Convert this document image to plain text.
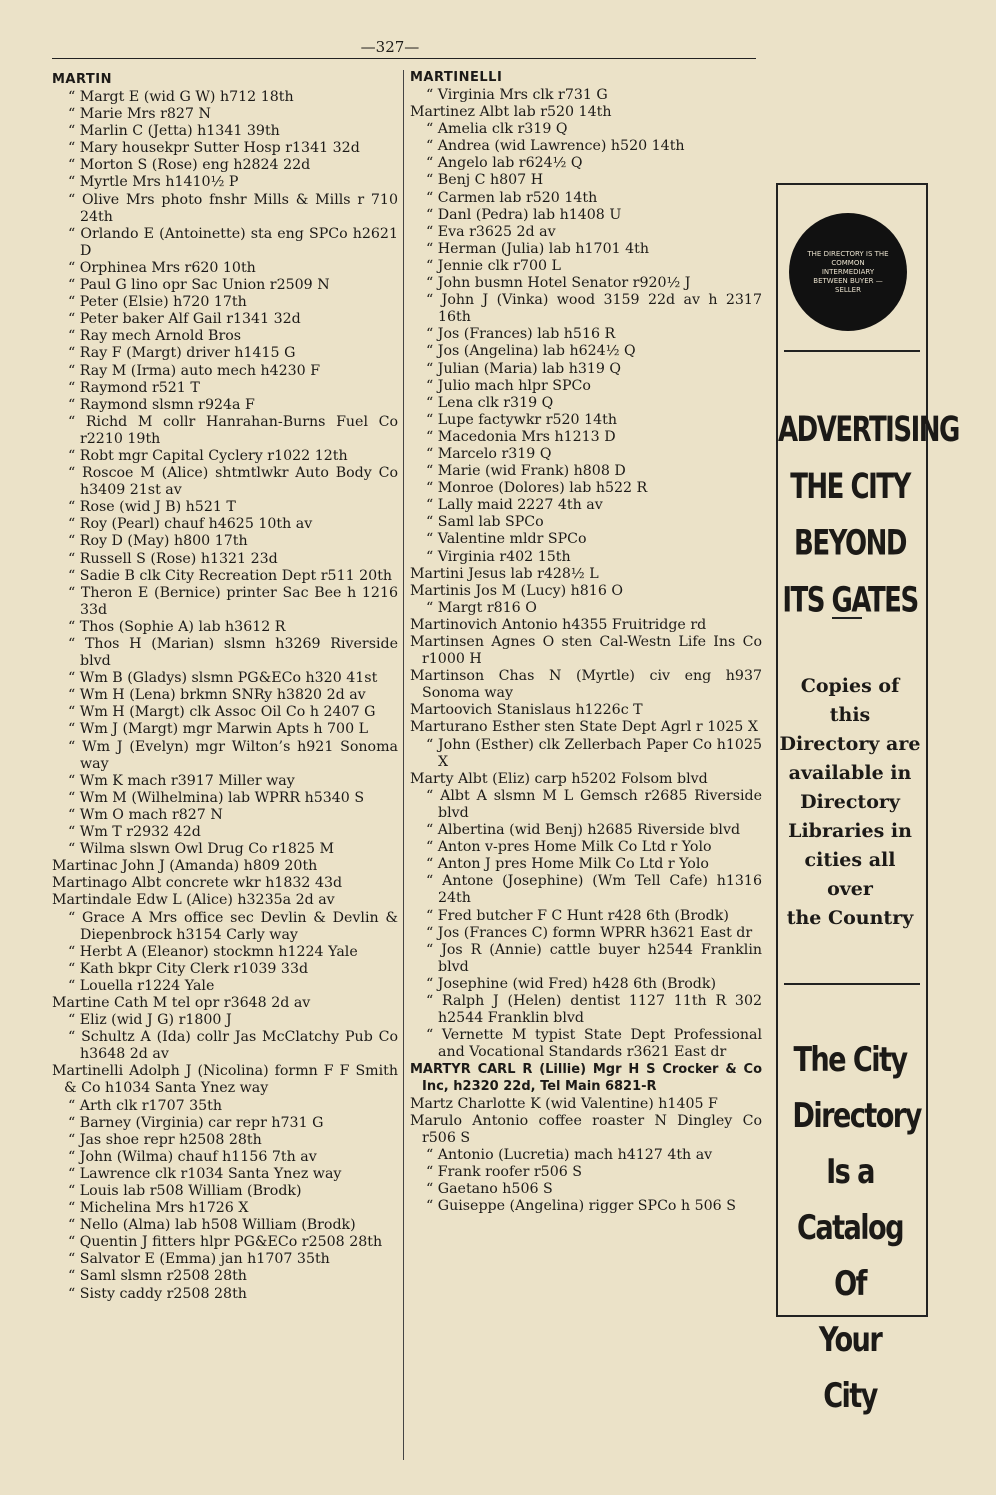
—327—
MARTIN
“ Margt E (wid G W) h712 18th
“ Marie Mrs r827 N
“ Marlin C (Jetta) h1341 39th
“ Mary housekpr Sutter Hosp r1341 32d
“ Morton S (Rose) eng h2824 22d
“ Myrtle Mrs h1410½ P
“ Olive Mrs photo fnshr Mills & Mills r 710 24th
“ Orlando E (Antoinette) sta eng SPCo h2621 D
“ Orphinea Mrs r620 10th
“ Paul G lino opr Sac Union r2509 N
“ Peter (Elsie) h720 17th
“ Peter baker Alf Gail r1341 32d
“ Ray mech Arnold Bros
“ Ray F (Margt) driver h1415 G
“ Ray M (Irma) auto mech h4230 F
“ Raymond r521 T
“ Raymond slsmn r924a F
“ Richd M collr Hanrahan-Burns Fuel Co r2210 19th
“ Robt mgr Capital Cyclery r1022 12th
“ Roscoe M (Alice) shtmtlwkr Auto Body Co h3409 21st av
“ Rose (wid J B) h521 T
“ Roy (Pearl) chauf h4625 10th av
“ Roy D (May) h800 17th
“ Russell S (Rose) h1321 23d
“ Sadie B clk City Recreation Dept r511 20th
“ Theron E (Bernice) printer Sac Bee h 1216 33d
“ Thos (Sophie A) lab h3612 R
“ Thos H (Marian) slsmn h3269 Riverside blvd
“ Wm B (Gladys) slsmn PG&ECo h320 41st
“ Wm H (Lena) brkmn SNRy h3820 2d av
“ Wm H (Margt) clk Assoc Oil Co h 2407 G
“ Wm J (Margt) mgr Marwin Apts h 700 L
“ Wm J (Evelyn) mgr Wilton’s h921 Sonoma way
“ Wm K mach r3917 Miller way
“ Wm M (Wilhelmina) lab WPRR h5340 S
“ Wm O mach r827 N
“ Wm T r2932 42d
“ Wilma slswn Owl Drug Co r1825 M
Martinac John J (Amanda) h809 20th
Martinago Albt concrete wkr h1832 43d
Martindale Edw L (Alice) h3235a 2d av
“ Grace A Mrs office sec Devlin & Devlin & Diepenbrock h3154 Carly way
“ Herbt A (Eleanor) stockmn h1224 Yale
“ Kath bkpr City Clerk r1039 33d
“ Louella r1224 Yale
Martine Cath M tel opr r3648 2d av
“ Eliz (wid J G) r1800 J
“ Schultz A (Ida) collr Jas McClatchy Pub Co h3648 2d av
Martinelli Adolph J (Nicolina) formn F F Smith & Co h1034 Santa Ynez way
“ Arth clk r1707 35th
“ Barney (Virginia) car repr h731 G
“ Jas shoe repr h2508 28th
“ John (Wilma) chauf h1156 7th av
“ Lawrence clk r1034 Santa Ynez way
“ Louis lab r508 William (Brodk)
“ Michelina Mrs h1726 X
“ Nello (Alma) lab h508 William (Brodk)
“ Quentin J fitters hlpr PG&ECo r2508 28th
“ Salvator E (Emma) jan h1707 35th
“ Saml slsmn r2508 28th
“ Sisty caddy r2508 28th
MARTINELLI
“ Virginia Mrs clk r731 G
Martinez Albt lab r520 14th
“ Amelia clk r319 Q
“ Andrea (wid Lawrence) h520 14th
“ Angelo lab r624½ Q
“ Benj C h807 H
“ Carmen lab r520 14th
“ Danl (Pedra) lab h1408 U
“ Eva r3625 2d av
“ Herman (Julia) lab h1701 4th
“ Jennie clk r700 L
“ John busmn Hotel Senator r920½ J
“ John J (Vinka) wood 3159 22d av h 2317 16th
“ Jos (Frances) lab h516 R
“ Jos (Angelina) lab h624½ Q
“ Julian (Maria) lab h319 Q
“ Julio mach hlpr SPCo
“ Lena clk r319 Q
“ Lupe factywkr r520 14th
“ Macedonia Mrs h1213 D
“ Marcelo r319 Q
“ Marie (wid Frank) h808 D
“ Monroe (Dolores) lab h522 R
“ Lally maid 2227 4th av
“ Saml lab SPCo
“ Valentine mldr SPCo
“ Virginia r402 15th
Martini Jesus lab r428½ L
Martinis Jos M (Lucy) h816 O
“ Margt r816 O
Martinovich Antonio h4355 Fruitridge rd
Martinsen Agnes O sten Cal-Westn Life Ins Co r1000 H
Martinson Chas N (Myrtle) civ eng h937 Sonoma way
Martoovich Stanislaus h1226c T
Marturano Esther sten State Dept Agrl r 1025 X
“ John (Esther) clk Zellerbach Paper Co h1025 X
Marty Albt (Eliz) carp h5202 Folsom blvd
“ Albt A slsmn M L Gemsch r2685 Riverside blvd
“ Albertina (wid Benj) h2685 Riverside blvd
“ Anton v-pres Home Milk Co Ltd r Yolo
“ Anton J pres Home Milk Co Ltd r Yolo
“ Antone (Josephine) (Wm Tell Cafe) h1316 24th
“ Fred butcher F C Hunt r428 6th (Brodk)
“ Jos (Frances C) formn WPRR h3621 East dr
“ Jos R (Annie) cattle buyer h2544 Franklin blvd
“ Josephine (wid Fred) h428 6th (Brodk)
“ Ralph J (Helen) dentist 1127 11th R 302 h2544 Franklin blvd
“ Vernette M typist State Dept Professional and Vocational Standards r3621 East dr
MARTYR CARL R (Lillie) Mgr H S Crocker & Co Inc, h2320 22d, Tel Main 6821-R
Martz Charlotte K (wid Valentine) h1405 F
Marulo Antonio coffee roaster N Dingley Co r506 S
“ Antonio (Lucretia) mach h4127 4th av
“ Frank roofer r506 S
“ Gaetano h506 S
“ Guiseppe (Angelina) rigger SPCo h 506 S
THE DIRECTORY IS THE COMMON INTERMEDIARY BETWEEN BUYER — SELLER
ADVERTISING
THE CITY
BEYOND
ITS GATES
Copies of
this
Directory are
available in
Directory
Libraries in
cities all
over
the Country
The City
Directory
Is a
Catalog Of
Your City
